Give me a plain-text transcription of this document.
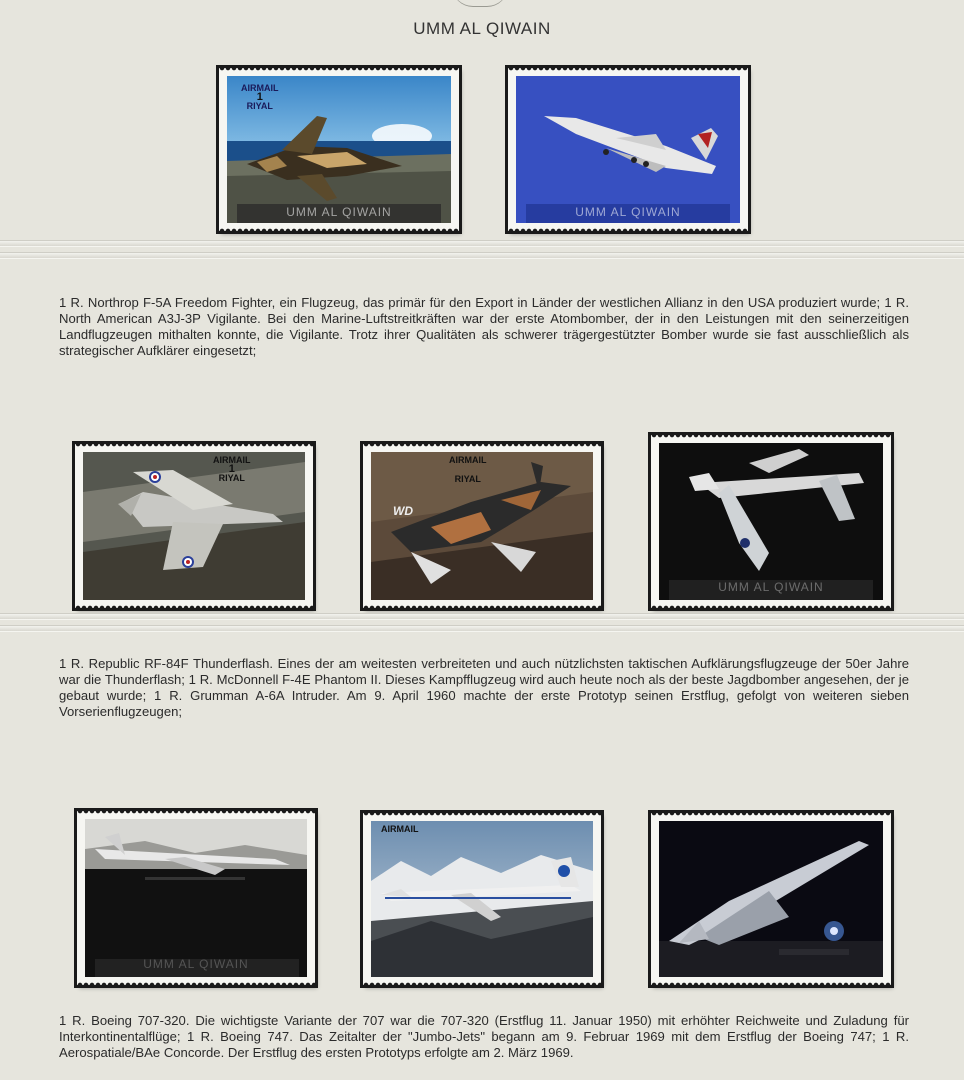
UMM AL QIWAIN
AIRMAIL
1
RIYAL
UMM AL QIWAIN	UMM AL QIWAIN
1 R. Northrop F-5A Freedom Fighter, ein Flugzeug, das primär für den Export in Länder der westlichen Allianz in den USA produziert wurde; 1 R. North American A3J-3P Vigilante. Bei den Marine-Luftstreitkräften war der erste Atombomber, der in den Leistungen mit den seinerzeitigen Landflugzeugen mithalten konnte, die Vigilante. Trotz ihrer Qualitäten als schwerer trägergestützter Bomber wurde sie fast ausschließlich als strategischer Aufklärer eingesetzt;
AIRMAIL
1
RIYAL
AIRMAIL
RIYAL
WD
UMM AL QIWAIN
1 R. Republic RF-84F Thunderflash. Eines der am weitesten verbreiteten und auch nützlichsten taktischen Aufklärungsflugzeuge der 50er Jahre war die Thunderflash; 1 R. McDonnell F-4E Phantom II. Dieses Kampfflugzeug wird auch heute noch als der beste Jagdbomber angesehen, der je gebaut wurde; 1 R. Grumman A-6A Intruder. Am 9. April 1960 machte der erste Prototyp seinen Erstflug, gefolgt von weiteren sieben Vorserienflugzeugen;
UMM AL QIWAIN
AIRMAIL
1 R. Boeing 707-320. Die wichtigste Variante der 707 war die 707-320 (Erstflug 11. Januar 1950) mit erhöhter Reichweite und Zuladung für Interkontinentalflüge; 1 R. Boeing 747. Das Zeitalter der "Jumbo-Jets" begann am 9. Februar 1969 mit dem Erstflug der Boeing 747; 1 R. Aerospatiale/BAe Concorde. Der Erstflug des ersten Prototyps erfolgte am 2. März 1969.
